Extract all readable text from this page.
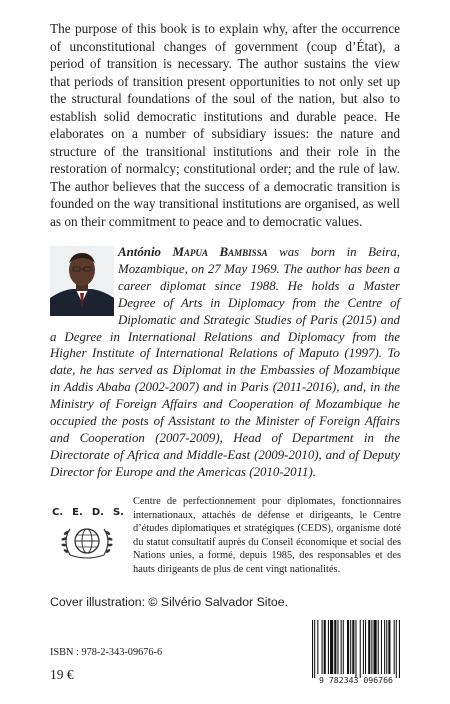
The purpose of this book is to explain why, after the occurrence of unconstitutional changes of government (coup d’État), a period of transition is necessary. The author sustains the view that periods of transition present opportunities to not only set up the structural foundations of the soul of the nation, but also to establish solid democratic institutions and durable peace. He elaborates on a number of subsidiary issues: the nature and structure of the transitional institutions and their role in the restoration of normalcy; constitutional order; and the rule of law. The author believes that the success of a democratic transition is founded on the way transitional institutions are organised, as well as on their commitment to peace and to democratic values.

António Mapua Bambissa was born in Beira, Mozambique, on 27 May 1969. The author has been a career diplomat since 1988. He holds a Master Degree of Arts in Diplomacy from the Centre of Diplomatic and Strategic Studies of Paris (2015) and a Degree in International Relations and Diplomacy from the Higher Institute of International Relations of Maputo (1997). To date, he has served as Diplomat in the Embassies of Mozambique in Addis Ababa (2002-2007) and in Paris (2011-2016), and, in the Ministry of Foreign Affairs and Cooperation of Mozambique he occupied the posts of Assistant to the Minister of Foreign Affairs and Cooperation (2007-2009), Head of Department in the Directorate of Africa and Middle-East (2009-2010), and of Deputy Director for Europe and the Americas (2010-2011).

C. E. D. S.

Centre de perfectionnement pour diplomates, fonctionnaires internationaux, attachés de défense et dirigeants, le Centre d’études diplomatiques et stratégiques (CEDS), organisme doté du statut consultatif auprès du Conseil économique et social des Nations unies, a formé, depuis 1985, des responsables et des hauts dirigeants de plus de cent vingt nationalités.

Cover illustration: © Silvério Salvador Sitoe.

ISBN : 978-2-343-09676-6

19 €	9 782343 096766
